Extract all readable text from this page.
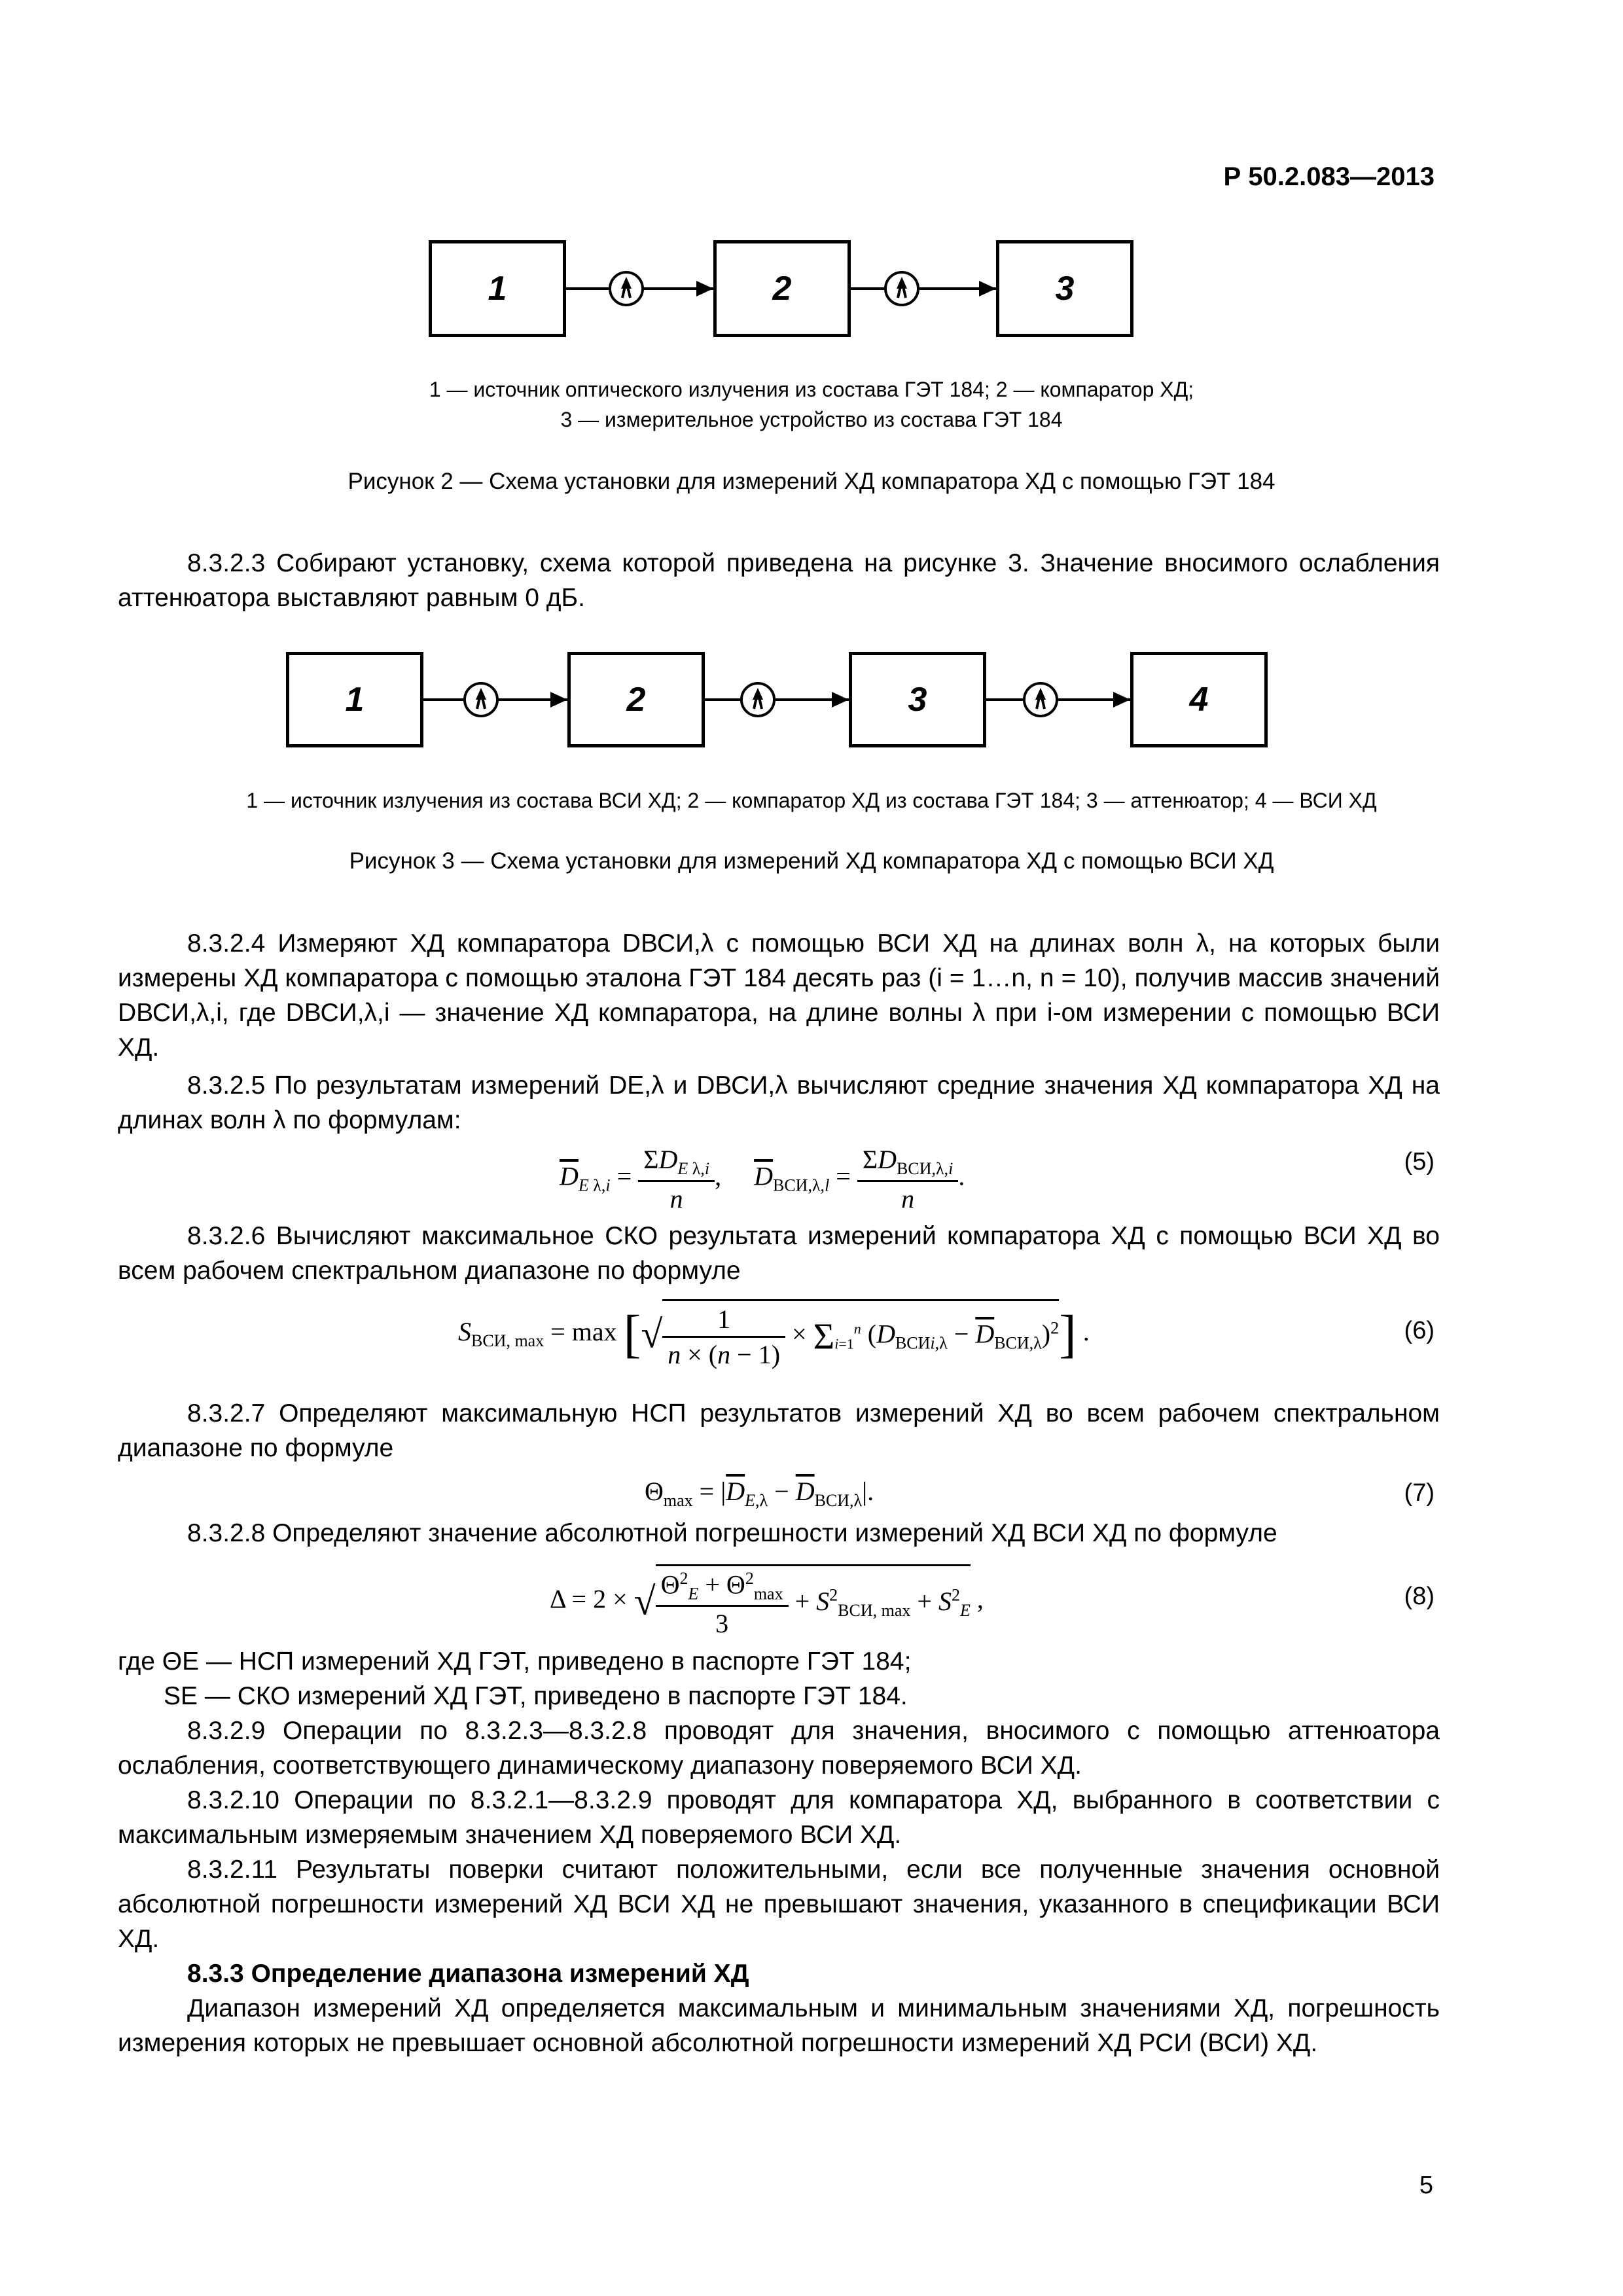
Р 50.2.083—2013
1	2	3
1 — источник оптического излучения из состава ГЭТ 184; 2 — компаратор ХД;
3 — измерительное устройство из состава ГЭТ 184
Рисунок 2 — Схема установки для измерений ХД компаратора ХД с помощью ГЭТ 184
8.3.2.3 Собирают установку, схема которой приведена на рисунке 3. Значение вносимого ослабления аттенюатора выставляют равным 0 дБ.
1	2	3	4
1 — источник излучения из состава ВСИ ХД; 2 — компаратор ХД из состава ГЭТ 184; 3 — аттенюатор; 4 — ВСИ ХД
Рисунок 3 — Схема установки для измерений ХД компаратора ХД с помощью ВСИ ХД
8.3.2.4 Измеряют ХД компаратора DВСИ,λ с помощью ВСИ ХД на длинах волн λ, на которых были измерены ХД компаратора с помощью эталона ГЭТ 184 десять раз (i = 1…n, n = 10), получив массив значений DВСИ,λ,i, где DВСИ,λ,i — значение ХД компаратора, на длине волны λ при i-ом измерении с помощью ВСИ ХД.
8.3.2.5 По результатам измерений DE,λ и DВСИ,λ вычисляют средние значения ХД компаратора ХД на длинах волн λ по формулам:
$\overline{D}_{E \lambda,i} = \frac{\Sigma D_{E \lambda,i}}{n}$ ,     $\overline{D}_{ВСИ,\lambda,l} = \frac{\Sigma D_{ВСИ,\lambda,i}}{n}$ .	(5)
8.3.2.6 Вычисляют максимальное СКО результата измерений компаратора ХД с помощью ВСИ ХД во всем рабочем спектральном диапазоне по формуле
$S_{ВСИ, max} = \max$ [√ $\frac{1}{n \times (n - 1)} \times \Sigma_{i=1}^n$ $(D_{ВСИi,\lambda} - \overline{D}_{ВСИ,\lambda})^2$] .	(6)
8.3.2.7 Определяют максимальную НСП результатов измерений ХД во всем рабочем спектральном диапазоне по формуле
$\Theta_{max} = |\overline{D}_{E,\lambda} - \overline{D}_{ВСИ,\lambda}|$.	(7)
8.3.2.8 Определяют значение абсолютной погрешности измерений ХД ВСИ ХД по формуле
Δ = 2 × √ $\frac{\Theta^2_E + \Theta^2_{max}}{3} + S^2_{ВСИ, max} + S^2_E$ ,	(8)
где ΘE — НСП измерений ХД ГЭТ, приведено в паспорте ГЭТ 184;
SE — СКО измерений ХД ГЭТ, приведено в паспорте ГЭТ 184.
8.3.2.9 Операции по 8.3.2.3—8.3.2.8 проводят для значения, вносимого с помощью аттенюатора ослабления, соответствующего динамическому диапазону поверяемого ВСИ ХД.
8.3.2.10 Операции по 8.3.2.1—8.3.2.9 проводят для компаратора ХД, выбранного в соответствии с максимальным измеряемым значением ХД поверяемого ВСИ ХД.
8.3.2.11 Результаты поверки считают положительными, если все полученные значения основной абсолютной погрешности измерений ХД ВСИ ХД не превышают значения, указанного в спецификации ВСИ ХД.
8.3.3 Определение диапазона измерений ХД
Диапазон измерений ХД определяется максимальным и минимальным значениями ХД, погрешность измерения которых не превышает основной абсолютной погрешности измерений ХД РСИ (ВСИ) ХД.
5
